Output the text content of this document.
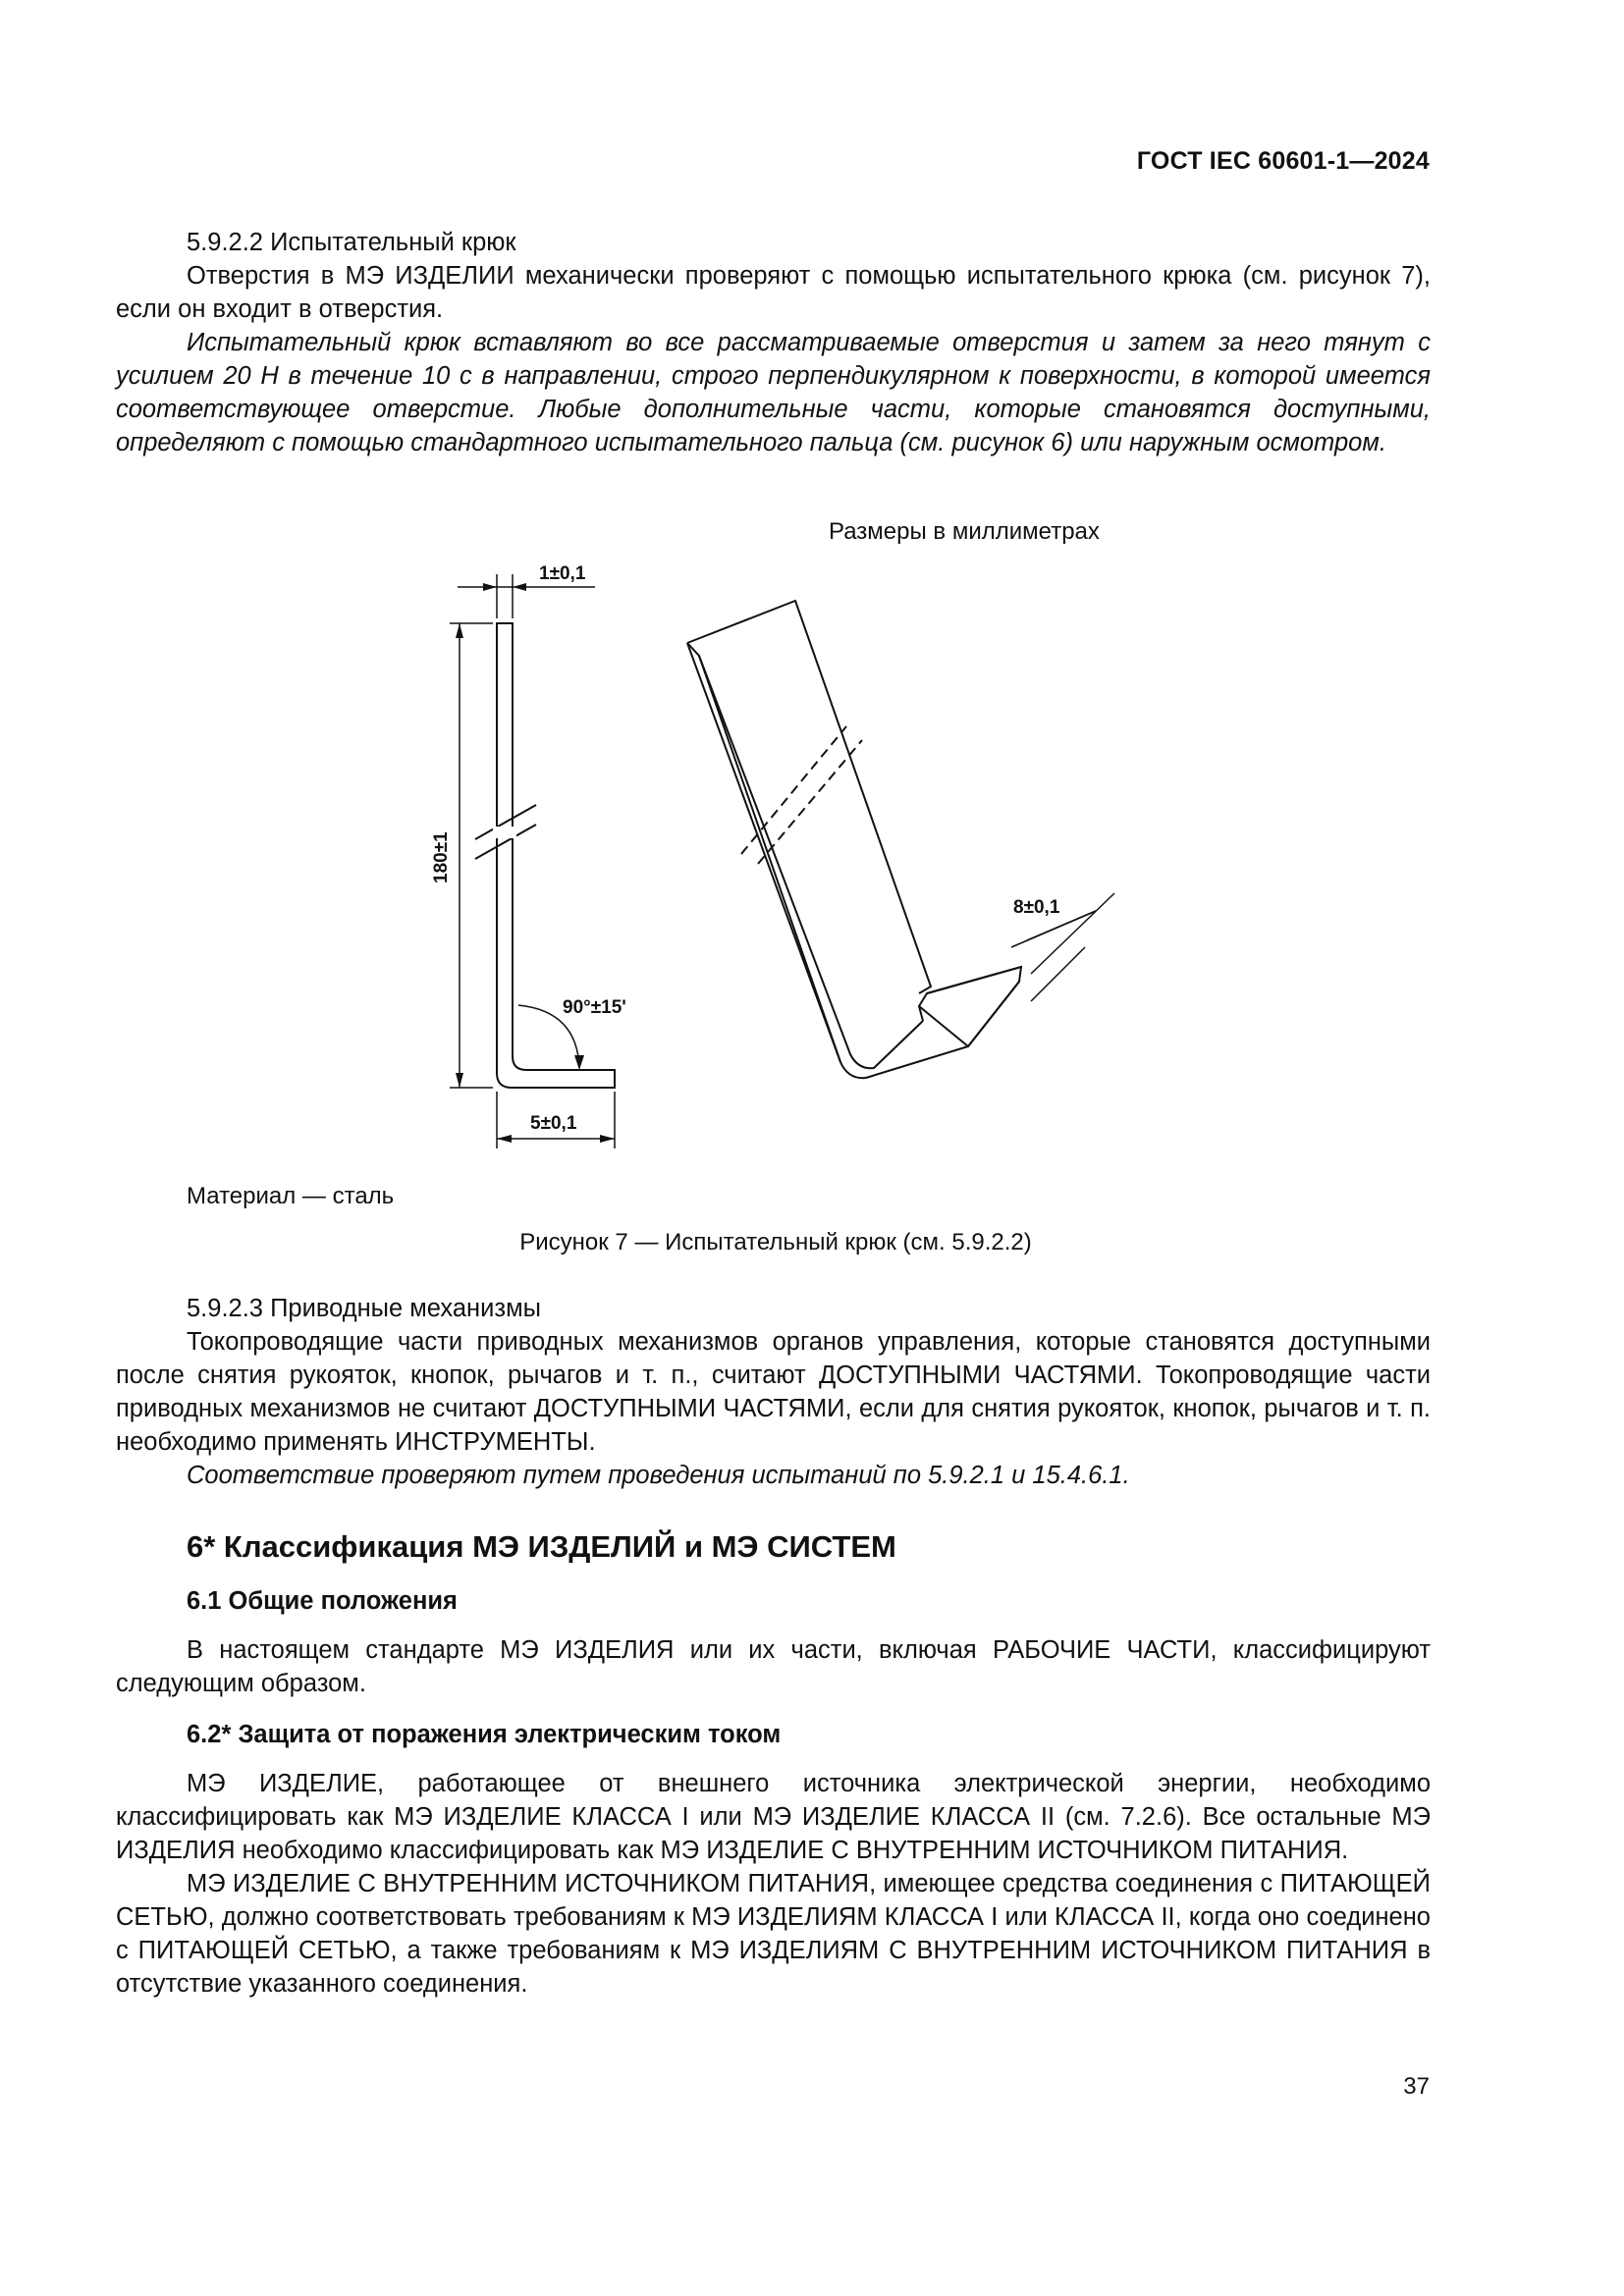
ГОСТ IEC 60601-1—2024

5.9.2.2 Испытательный крюк

Отверстия в МЭ ИЗДЕЛИИ механически проверяют с помощью испытательного крюка (см. рисунок 7), если он входит в отверстия.

Испытательный крюк вставляют во все рассматриваемые отверстия и затем за него тянут с усилием 20 Н в течение 10 с в направлении, строго перпендикулярном к поверхности, в которой имеется соответствующее отверстие. Любые дополнительные части, которые становятся доступными, определяют с помощью стандартного испытательного пальца (см. рисунок 6) или наружным осмотром.

Размеры в миллиметрах
1±0,1
180±1
90°±15'
5±0,1
8±0,1
Материал — сталь
Рисунок 7 — Испытательный крюк (см. 5.9.2.2)

5.9.2.3 Приводные механизмы

Токопроводящие части приводных механизмов органов управления, которые становятся доступными после снятия рукояток, кнопок, рычагов и т. п., считают ДОСТУПНЫМИ ЧАСТЯМИ. Токопроводящие части приводных механизмов не считают ДОСТУПНЫМИ ЧАСТЯМИ, если для снятия рукояток, кнопок, рычагов и т. п. необходимо применять ИНСТРУМЕНТЫ.

Соответствие проверяют путем проведения испытаний по 5.9.2.1 и 15.4.6.1.

6* Классификация МЭ ИЗДЕЛИЙ и МЭ СИСТЕМ

6.1 Общие положения

В настоящем стандарте МЭ ИЗДЕЛИЯ или их части, включая РАБОЧИЕ ЧАСТИ, классифицируют следующим образом.

6.2* Защита от поражения электрическим током

МЭ ИЗДЕЛИЕ, работающее от внешнего источника электрической энергии, необходимо классифицировать как МЭ ИЗДЕЛИЕ КЛАССА I или МЭ ИЗДЕЛИЕ КЛАССА II (см. 7.2.6). Все остальные МЭ ИЗДЕЛИЯ необходимо классифицировать как МЭ ИЗДЕЛИЕ С ВНУТРЕННИМ ИСТОЧНИКОМ ПИТАНИЯ.

МЭ ИЗДЕЛИЕ С ВНУТРЕННИМ ИСТОЧНИКОМ ПИТАНИЯ, имеющее средства соединения с ПИТАЮЩЕЙ СЕТЬЮ, должно соответствовать требованиям к МЭ ИЗДЕЛИЯМ КЛАССА I или КЛАССА II, когда оно соединено с ПИТАЮЩЕЙ СЕТЬЮ, а также требованиям к МЭ ИЗДЕЛИЯМ С ВНУТРЕННИМ ИСТОЧНИКОМ ПИТАНИЯ в отсутствие указанного соединения.

37
